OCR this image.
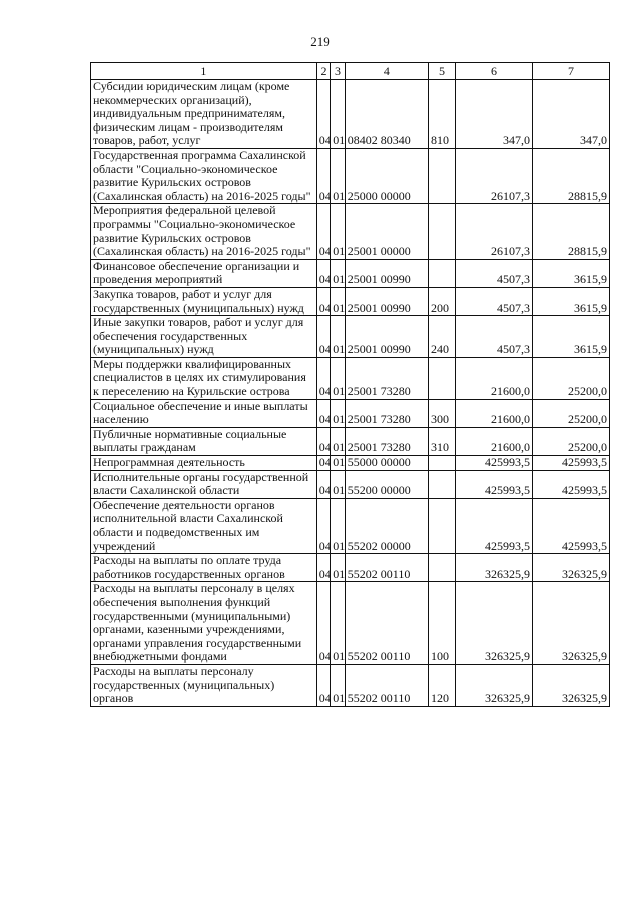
219
1	2	3	4	5	6	7
Субсидии юридическим лицам (кроме некоммерческих организаций), индивидуальным предпринимателям, физическим лицам - производителям товаров, работ, услуг	04	01	08402 80340	810	347,0	347,0
Государственная программа Сахалинской области "Социально-экономическое развитие Курильских островов (Сахалинская область) на 2016-2025 годы"	04	01	25000 00000		26107,3	28815,9
Мероприятия федеральной целевой программы "Социально-экономическое развитие Курильских островов (Сахалинская область) на 2016-2025 годы"	04	01	25001 00000		26107,3	28815,9
Финансовое обеспечение организации и проведения мероприятий	04	01	25001 00990		4507,3	3615,9
Закупка товаров, работ и услуг для государственных (муниципальных) нужд	04	01	25001 00990	200	4507,3	3615,9
Иные закупки товаров, работ и услуг для обеспечения государственных (муниципальных) нужд	04	01	25001 00990	240	4507,3	3615,9
Меры поддержки квалифицированных специалистов в целях их стимулирования к переселению на Курильские острова	04	01	25001 73280		21600,0	25200,0
Социальное обеспечение и иные выплаты населению	04	01	25001 73280	300	21600,0	25200,0
Публичные нормативные социальные выплаты гражданам	04	01	25001 73280	310	21600,0	25200,0
Непрограммная деятельность	04	01	55000 00000		425993,5	425993,5
Исполнительные органы государственной власти Сахалинской области	04	01	55200 00000		425993,5	425993,5
Обеспечение деятельности органов исполнительной власти Сахалинской области и подведомственных им учреждений	04	01	55202 00000		425993,5	425993,5
Расходы на выплаты по оплате труда работников государственных органов	04	01	55202 00110		326325,9	326325,9
Расходы на выплаты персоналу в целях обеспечения выполнения функций государственными (муниципальными) органами, казенными учреждениями, органами управления государственными внебюджетными фондами	04	01	55202 00110	100	326325,9	326325,9
Расходы на выплаты персоналу государственных (муниципальных) органов	04	01	55202 00110	120	326325,9	326325,9
